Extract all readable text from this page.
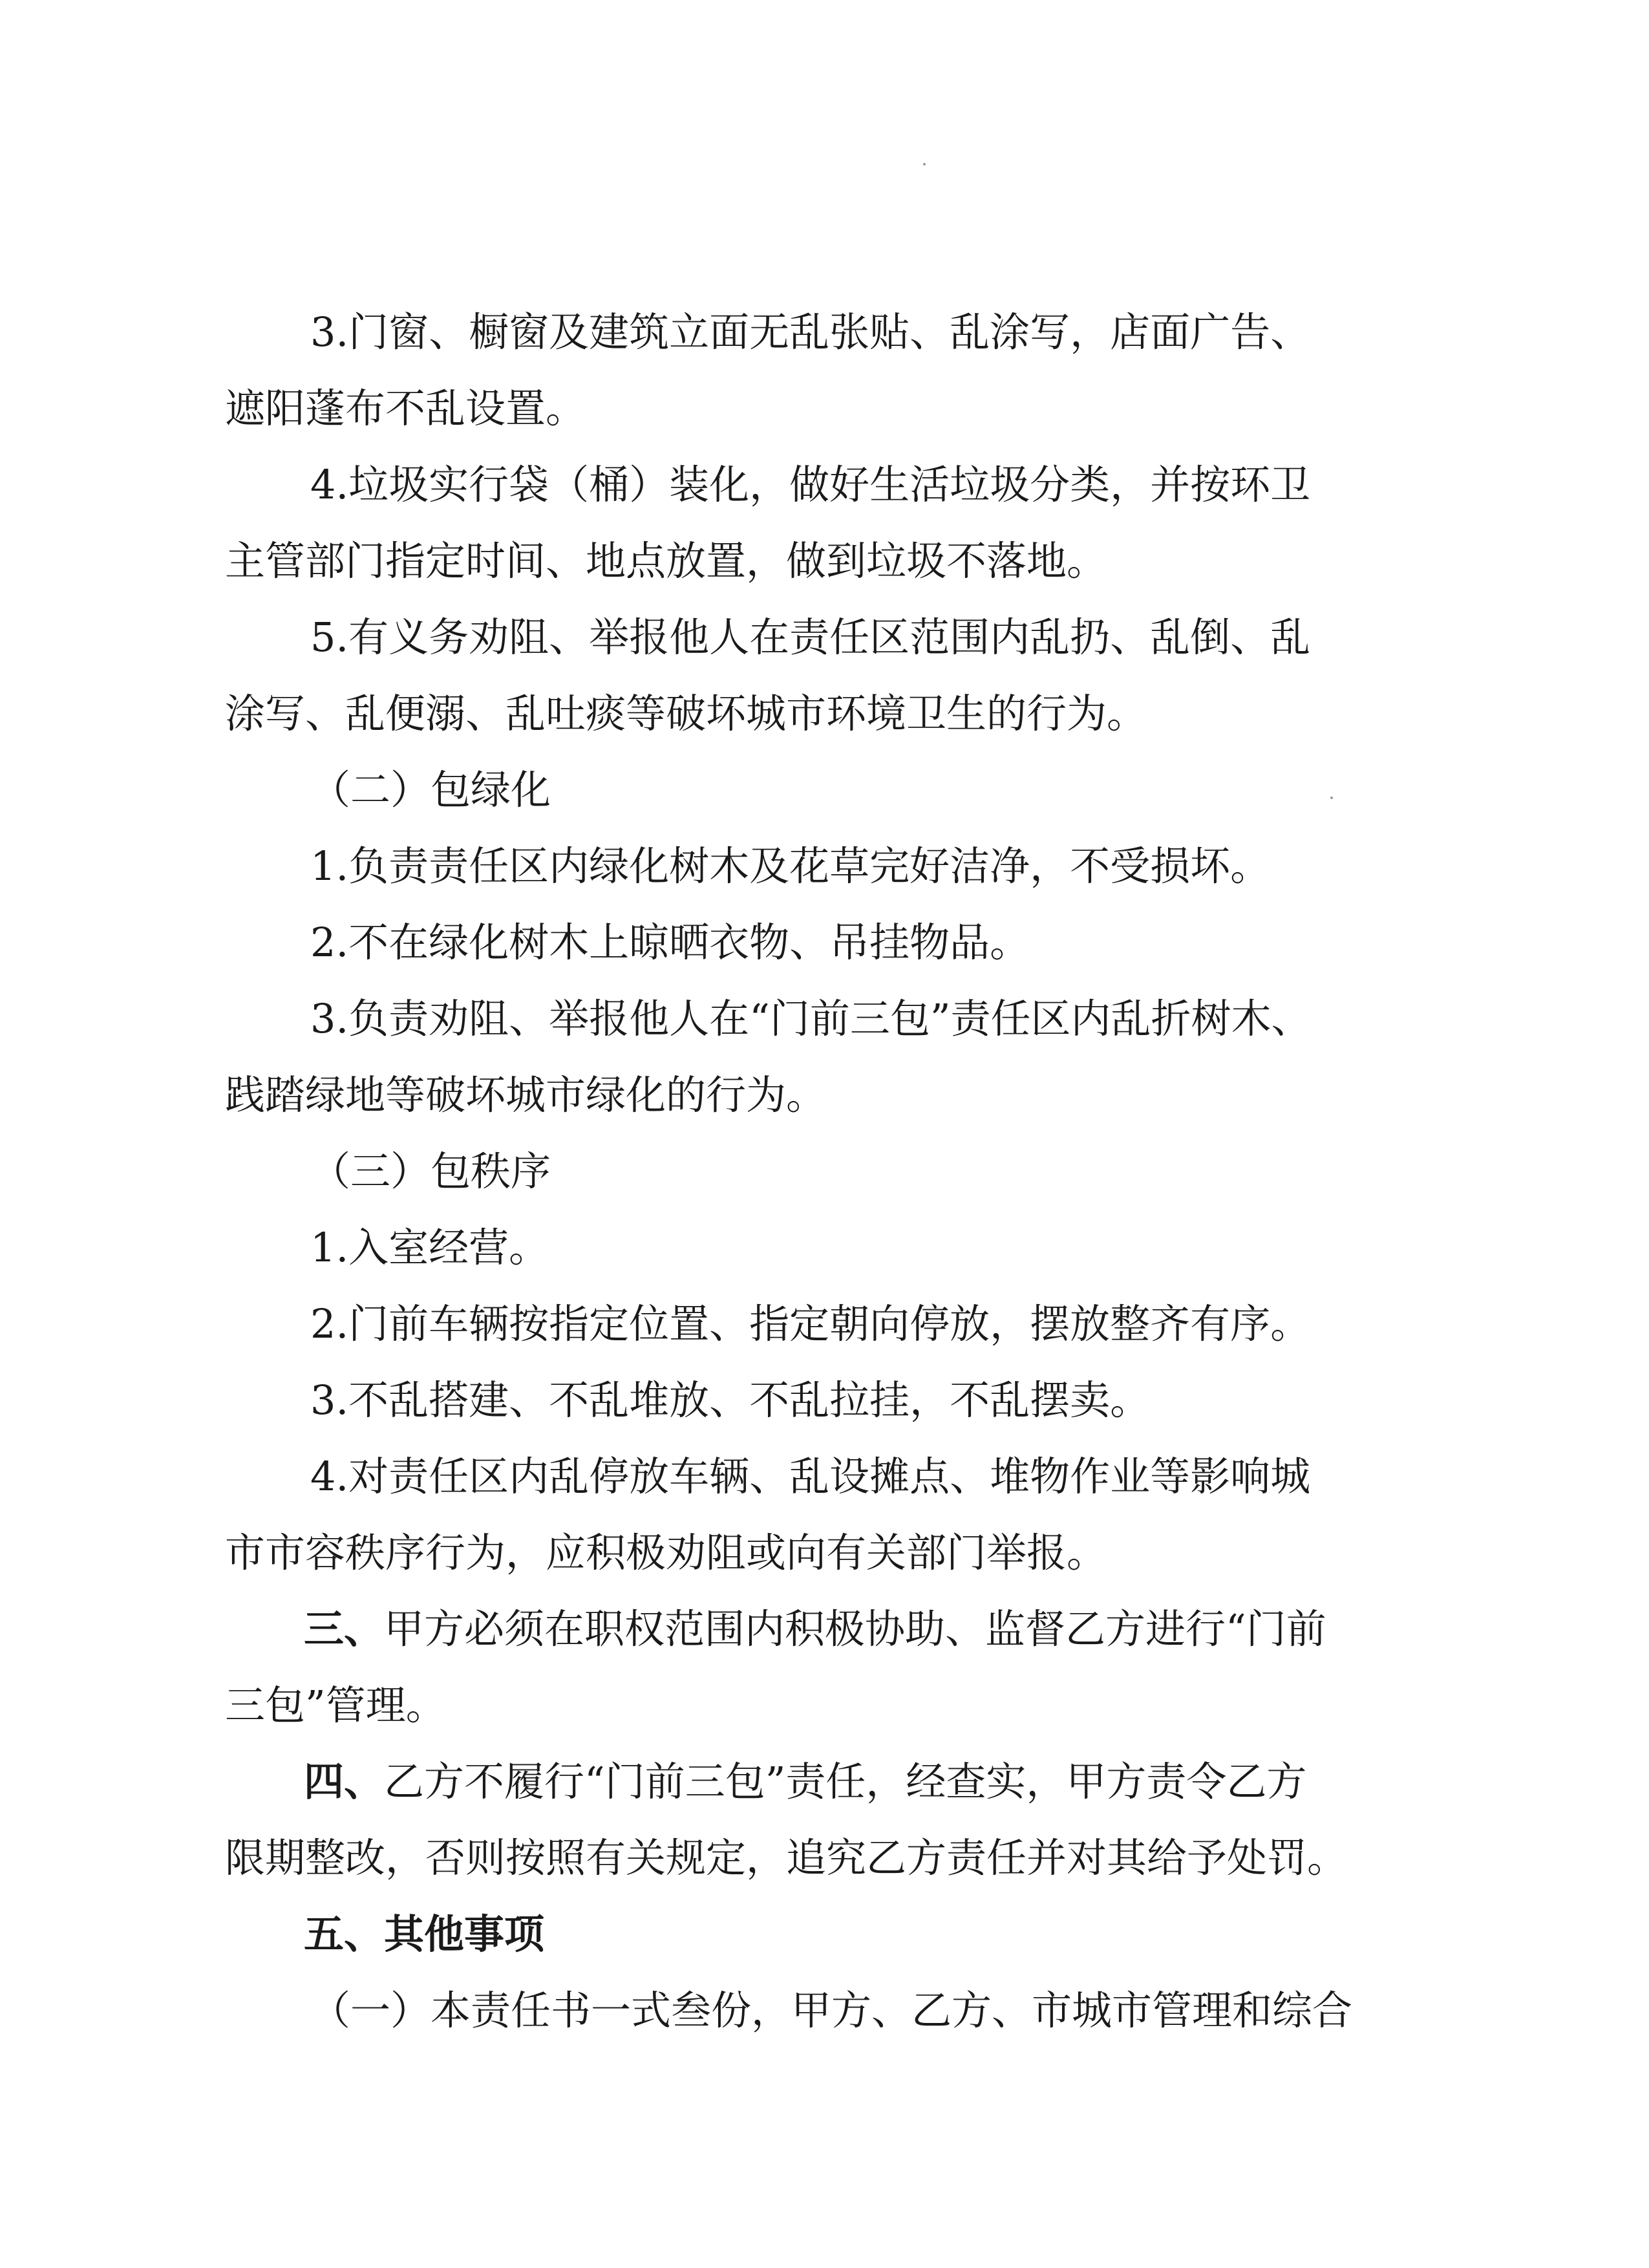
3.门窗、橱窗及建筑立面无乱张贴、乱涂写，店面广告、
遮阳蓬布不乱设置。
4.垃圾实行袋（桶）装化，做好生活垃圾分类，并按环卫
主管部门指定时间、地点放置，做到垃圾不落地。
5.有义务劝阻、举报他人在责任区范围内乱扔、乱倒、乱
涂写、乱便溺、乱吐痰等破坏城市环境卫生的行为。
（二）包绿化
1.负责责任区内绿化树木及花草完好洁净，不受损坏。
2.不在绿化树木上晾晒衣物、吊挂物品。
3.负责劝阻、举报他人在“门前三包”责任区内乱折树木、
践踏绿地等破坏城市绿化的行为。
（三）包秩序
1.入室经营。
2.门前车辆按指定位置、指定朝向停放，摆放整齐有序。
3.不乱搭建、不乱堆放、不乱拉挂，不乱摆卖。
4.对责任区内乱停放车辆、乱设摊点、堆物作业等影响城
市市容秩序行为，应积极劝阻或向有关部门举报。
三、甲方必须在职权范围内积极协助、监督乙方进行“门前
三包”管理。
四、乙方不履行“门前三包”责任，经查实，甲方责令乙方
限期整改，否则按照有关规定，追究乙方责任并对其给予处罚。
五、其他事项
（一）本责任书一式叁份，甲方、乙方、市城市管理和综合
